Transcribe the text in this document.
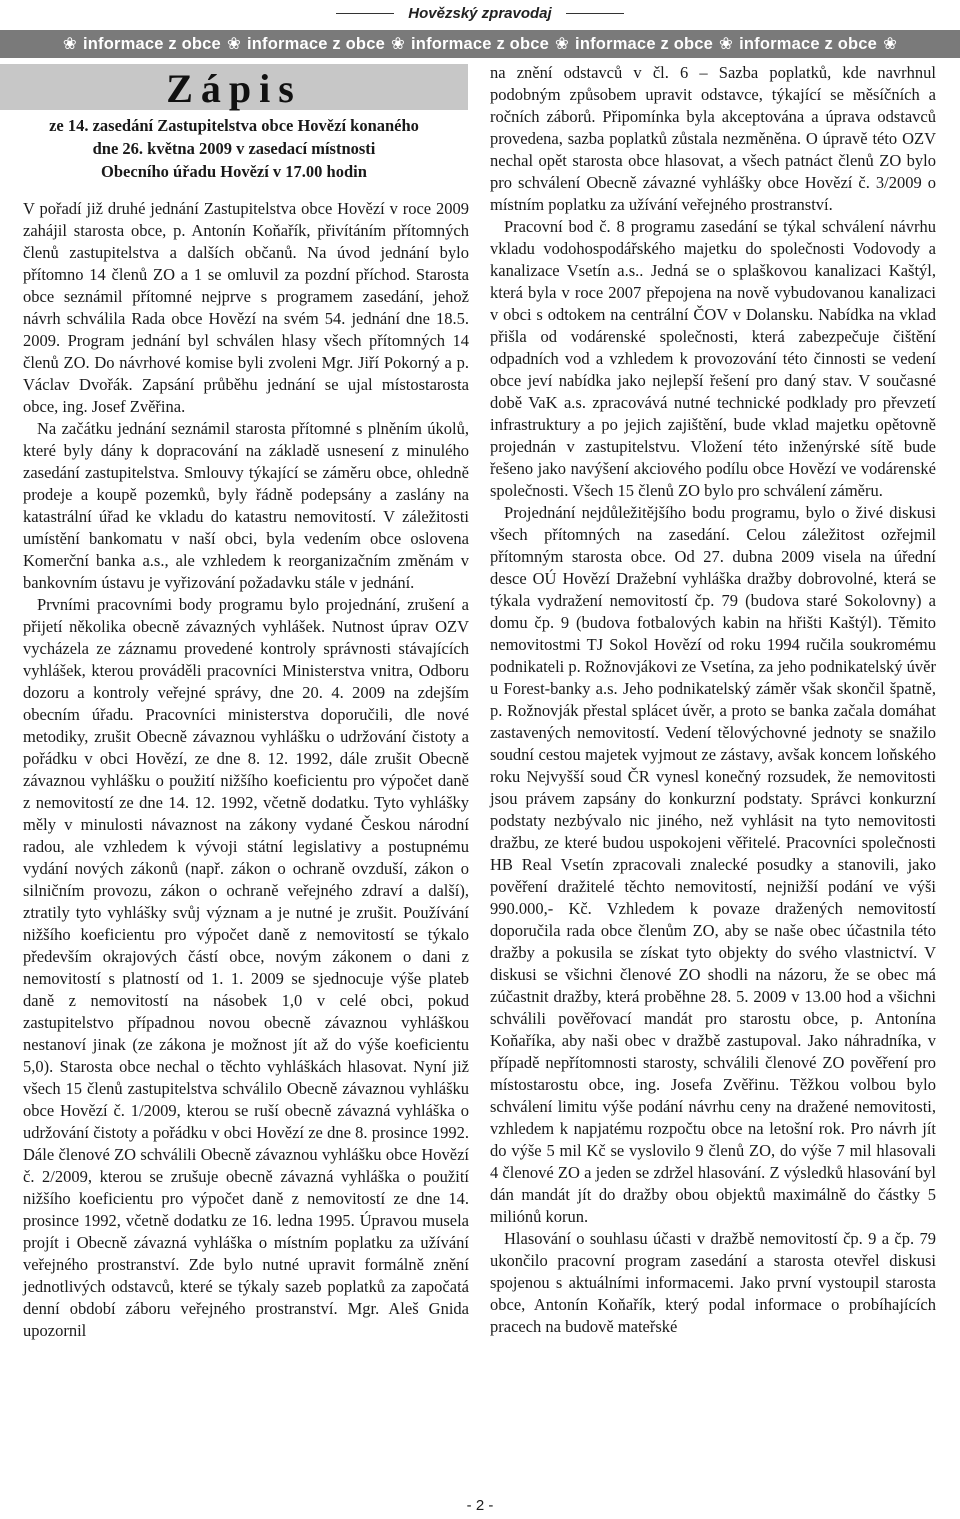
Hovězský zpravodaj
❀ informace z obce ❀ informace z obce ❀ informace z obce ❀ informace z obce ❀ informace z obce ❀
Zápis
ze 14. zasedání Zastupitelstva obce Hovězí konaného
dne 26. května 2009 v zasedací místnosti
Obecního úřadu Hovězí v 17.00 hodin

V pořadí již druhé jednání Zastupitelstva obce Hovězí v roce 2009 zahájil starosta obce, p. Antonín Koňařík, přivítáním přítomných členů zastupitelstva a dalších občanů. Na úvod jednání bylo přítomno 14 členů ZO a 1 se omluvil za pozdní příchod. Starosta obce seznámil přítomné nejprve s programem zasedání, jehož návrh schválila Rada obce Hovězí na svém 54. jednání dne 18.5. 2009. Program jednání byl schválen hlasy všech přítomných 14 členů ZO. Do návrhové komise byli zvoleni Mgr. Jiří Pokorný a p. Václav Dvořák. Zapsání průběhu jednání se ujal místostarosta obce, ing. Josef Zvěřina.

Na začátku jednání seznámil starosta přítomné s plněním úkolů, které byly dány k dopracování na základě usnesení z minulého zasedání zastupitelstva. Smlouvy týkající se záměru obce, ohledně prodeje a koupě pozemků, byly řádně podepsány a zaslány na katastrální úřad ke vkladu do katastru nemovitostí. V záležitosti umístění bankomatu v naší obci, byla vedením obce oslovena Komerční banka a.s., ale vzhledem k reorganizačním změnám v bankovním ústavu je vyřizování požadavku stále v jednání.

Prvními pracovními body programu bylo projednání, zrušení a přijetí několika obecně závazných vyhlášek. Nutnost úprav OZV vycházela ze záznamu provedené kontroly správnosti stávajících vyhlášek, kterou prováděli pracovníci Ministerstva vnitra, Odboru dozoru a kontroly veřejné správy, dne 20. 4. 2009 na zdejším obecním úřadu. Pracovníci ministerstva doporučili, dle nové metodiky, zrušit Obecně závaznou vyhlášku o udržování čistoty a pořádku v obci Hovězí, ze dne 8. 12. 1992, dále zrušit Obecně závaznou vyhlášku o použití nižšího koeficientu pro výpočet daně z nemovitostí ze dne 14. 12. 1992, včetně dodatku. Tyto vyhlášky měly v minulosti návaznost na zákony vydané Českou národní radou, ale vzhledem k vývoji státní legislativy a postupnému vydání nových zákonů (např. zákon o ochraně ovzduší, zákon o silničním provozu, zákon o ochraně veřejného zdraví a další), ztratily tyto vyhlášky svůj význam a je nutné je zrušit. Používání nižšího koeficientu pro výpočet daně z nemovitostí se týkalo především okrajových částí obce, novým zákonem o dani z nemovitostí s platností od 1. 1. 2009 se sjednocuje výše plateb daně z nemovitostí na násobek 1,0 v celé obci, pokud zastupitelstvo případnou novou obecně závaznou vyhláškou nestanoví jinak (ze zákona je možnost jít až do výše koeficientu 5,0). Starosta obce nechal o těchto vyhláškách hlasovat. Nyní již všech 15 členů zastupitelstva schválilo Obecně závaznou vyhlášku obce Hovězí č. 1/2009, kterou se ruší obecně závazná vyhláška o udržování čistoty a pořádku v obci Hovězí ze dne 8. prosince 1992. Dále členové ZO schválili Obecně závaznou vyhlášku obce Hovězí č. 2/2009, kterou se zrušuje obecně závazná vyhláška o použití nižšího koeficientu pro výpočet daně z nemovitostí ze dne 14. prosince 1992, včetně dodatku ze 16. ledna 1995. Úpravou musela projít i Obecně závazná vyhláška o místním poplatku za užívání veřejného prostranství. Zde bylo nutné upravit formálně znění jednotlivých odstavců, které se týkaly sazeb poplatků za započatá denní období záboru veřejného prostranství. Mgr. Aleš Gnida upozornil

na znění odstavců v čl. 6 – Sazba poplatků, kde navrhnul podobným způsobem upravit odstavce, týkající se měsíčních a ročních záborů. Připomínka byla akceptována a úprava odstavců provedena, sazba poplatků zůstala nezměněna. O úpravě této OZV nechal opět starosta obce hlasovat, a všech patnáct členů ZO bylo pro schválení Obecně závazné vyhlášky obce Hovězí č. 3/2009 o místním poplatku za užívání veřejného prostranství.

Pracovní bod č. 8 programu zasedání se týkal schválení návrhu vkladu vodohospodářského majetku do společnosti Vodovody a kanalizace Vsetín a.s.. Jedná se o splaškovou kanalizaci Kaštýl, která byla v roce 2007 přepojena na nově vybudovanou kanalizaci v obci s odtokem na centrální ČOV v Dolansku. Nabídka na vklad přišla od vodárenské společnosti, která zabezpečuje čištění odpadních vod a vzhledem k provozování této činnosti se vedení obce jeví nabídka jako nejlepší řešení pro daný stav. V současné době VaK a.s. zpracovává nutné technické podklady pro převzetí infrastruktury a po jejich zajištění, bude vklad majetku opětovně projednán v zastupitelstvu. Vložení této inženýrské sítě bude řešeno jako navýšení akciového podílu obce Hovězí ve vodárenské společnosti. Všech 15 členů ZO bylo pro schválení záměru.

Projednání nejdůležitějšího bodu programu, bylo o živé diskusi všech přítomných na zasedání. Celou záležitost ozřejmil přítomným starosta obce. Od 27. dubna 2009 visela na úřední desce OÚ Hovězí Dražební vyhláška dražby dobrovolné, která se týkala vydražení nemovitostí čp. 79 (budova staré Sokolovny) a domu čp. 9 (budova fotbalových kabin na hřišti Kaštýl). Těmito nemovitostmi TJ Sokol Hovězí od roku 1994 ručila soukromému podnikateli p. Rožnovjákovi ze Vsetína, za jeho podnikatelský úvěr u Forest-banky a.s. Jeho podnikatelský záměr však skončil špatně, p. Rožnovják přestal splácet úvěr, a proto se banka začala domáhat zastavených nemovitostí. Vedení tělovýchovné jednoty se snažilo soudní cestou majetek vyjmout ze zástavy, avšak koncem loňského roku Nejvyšší soud ČR vynesl konečný rozsudek, že nemovitosti jsou právem zapsány do konkurzní podstaty. Správci konkurzní podstaty nezbývalo nic jiného, než vyhlásit na tyto nemovitosti dražbu, ze které budou uspokojeni věřitelé. Pracovníci společnosti HB Real Vsetín zpracovali znalecké posudky a stanovili, jako pověření dražitelé těchto nemovitostí, nejnižší podání ve výši 990.000,- Kč. Vzhledem k povaze dražených nemovitostí doporučila rada obce členům ZO, aby se naše obec účastnila této dražby a pokusila se získat tyto objekty do svého vlastnictví. V diskusi se všichni členové ZO shodli na názoru, že se obec má zúčastnit dražby, která proběhne 28. 5. 2009 v 13.00 hod a všichni schválili pověřovací mandát pro starostu obce, p. Antonína Koňaříka, aby naši obec v dražbě zastupoval. Jako náhradníka, v případě nepřítomnosti starosty, schválili členové ZO pověření pro místostarostu obce, ing. Josefa Zvěřinu. Těžkou volbou bylo schválení limitu výše podání návrhu ceny na dražené nemovitosti, vzhledem k napjatému rozpočtu obce na letošní rok. Pro návrh jít do výše 5 mil Kč se vyslovilo 9 členů ZO, do výše 7 mil hlasovali 4 členové ZO a jeden se zdržel hlasování. Z výsledků hlasování byl dán mandát jít do dražby obou objektů maximálně do částky 5 miliónů korun.

Hlasování o souhlasu účasti v dražbě nemovitostí čp. 9 a čp. 79 ukončilo pracovní program zasedání a starosta otevřel diskusi spojenou s aktuálními informacemi. Jako první vystoupil starosta obce, Antonín Koňařík, který podal informace o probíhajících pracech na budově mateřské

- 2 -
